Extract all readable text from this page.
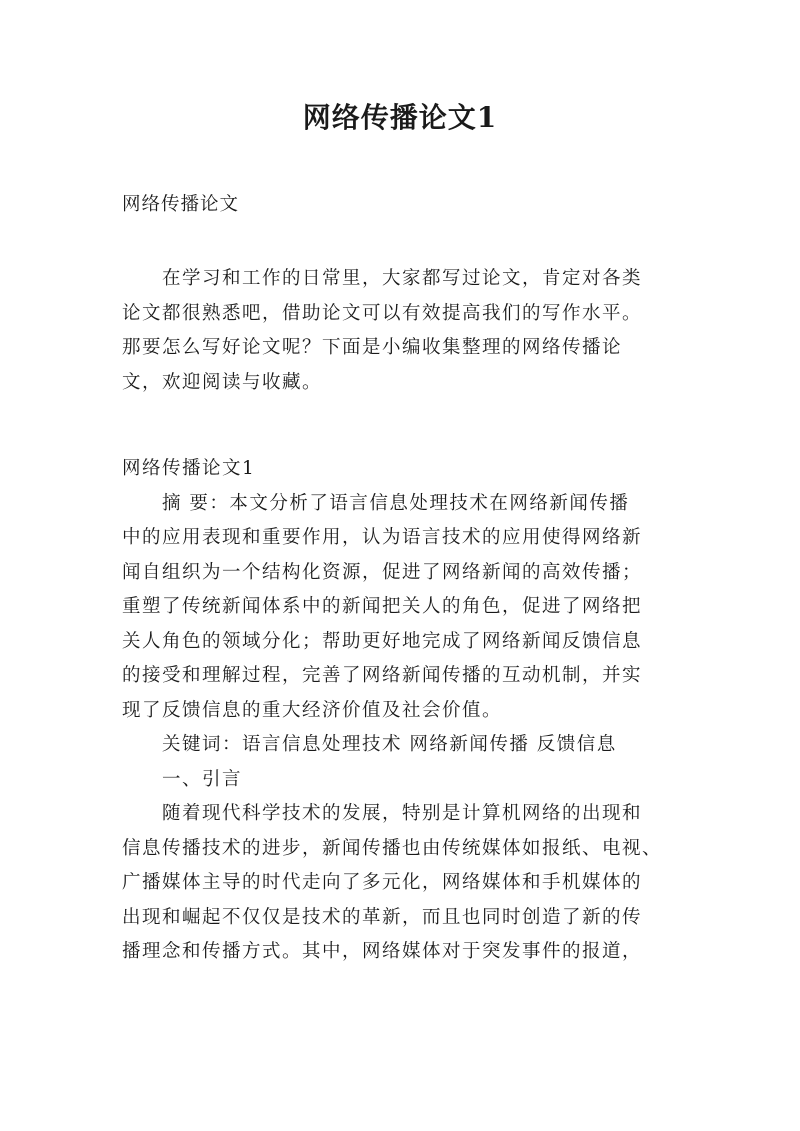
网络传播论文1
网络传播论文
在学习和工作的日常里，大家都写过论文，肯定对各类
论文都很熟悉吧，借助论文可以有效提高我们的写作水平。
那要怎么写好论文呢？下面是小编收集整理的网络传播论
文，欢迎阅读与收藏。
网络传播论文1
摘 要：本文分析了语言信息处理技术在网络新闻传播
中的应用表现和重要作用，认为语言技术的应用使得网络新
闻自组织为一个结构化资源，促进了网络新闻的高效传播；
重塑了传统新闻体系中的新闻把关人的角色，促进了网络把
关人角色的领域分化；帮助更好地完成了网络新闻反馈信息
的接受和理解过程，完善了网络新闻传播的互动机制，并实
现了反馈信息的重大经济价值及社会价值。
关键词：语言信息处理技术 网络新闻传播 反馈信息
一、引言
随着现代科学技术的发展，特别是计算机网络的出现和
信息传播技术的进步，新闻传播也由传统媒体如报纸、电视、
广播媒体主导的时代走向了多元化，网络媒体和手机媒体的
出现和崛起不仅仅是技术的革新，而且也同时创造了新的传
播理念和传播方式。其中，网络媒体对于突发事件的报道，
